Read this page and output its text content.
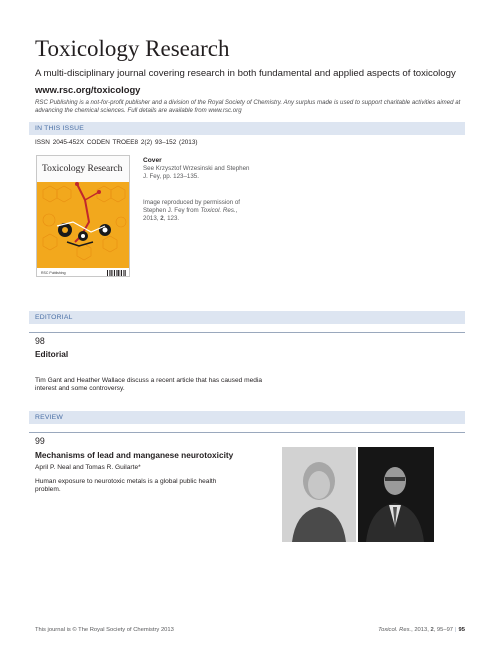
Toxicology Research
A multi-disciplinary journal covering research in both fundamental and applied aspects of toxicology
www.rsc.org/toxicology
RSC Publishing is a not-for-profit publisher and a division of the Royal Society of Chemistry. Any surplus made is used to support charitable activities aimed at advancing the chemical sciences. Full details are available from www.rsc.org
IN THIS ISSUE
ISSN 2045-452X CODEN TROEE8 2(2) 93–152 (2013)
Toxicology Research
RSC Publishing
Cover
See Krzysztof Wrzesinski and Stephen J. Fey, pp. 123–135.
Image reproduced by permission of Stephen J. Fey from Toxicol. Res., 2013, 2, 123.
EDITORIAL
98
Editorial
Tim Gant and Heather Wallace discuss a recent article that has caused media interest and some controversy.
REVIEW
99
Mechanisms of lead and manganese neurotoxicity
April P. Neal and Tomas R. Guilarte*
Human exposure to neurotoxic metals is a global public health problem.
This journal is © The Royal Society of Chemistry 2013	Toxicol. Res., 2013, 2, 95–97 | 95
